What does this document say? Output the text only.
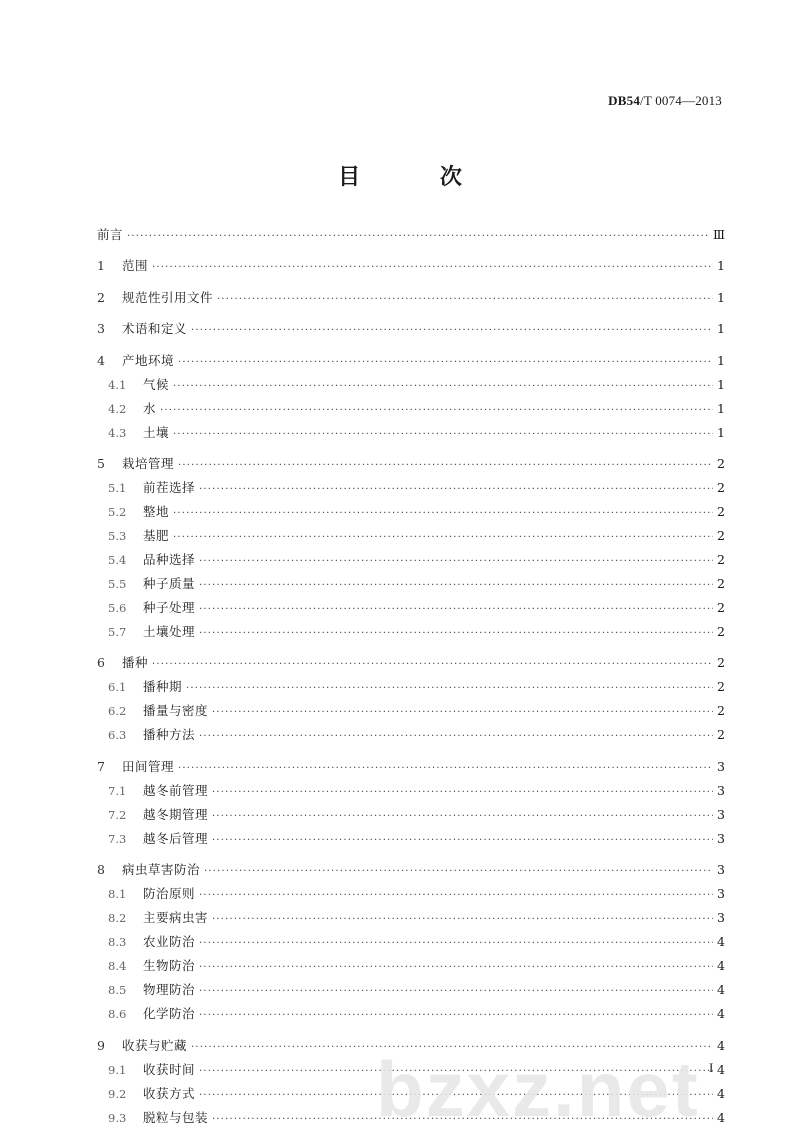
DB54/T 0074—2013
目 次
前言 ·····	Ⅲ
1	范围 ·····	1
2	规范性引用文件 ·····	1
3	术语和定义 ·····	1
4	产地环境 ·····	1
4.1	气候 ·····	1
4.2	水 ·····	1
4.3	土壤 ·····	1
5	栽培管理 ·····	2
5.1	前茬选择 ·····	2
5.2	整地 ·····	2
5.3	基肥 ·····	2
5.4	品种选择 ·····	2
5.5	种子质量 ·····	2
5.6	种子处理 ·····	2
5.7	土壤处理 ·····	2
6	播种 ·····	2
6.1	播种期 ·····	2
6.2	播量与密度 ·····	2
6.3	播种方法 ·····	2
7	田间管理 ·····	3
7.1	越冬前管理 ·····	3
7.2	越冬期管理 ·····	3
7.3	越冬后管理 ·····	3
8	病虫草害防治 ·····	3
8.1	防治原则 ·····	3
8.2	主要病虫害 ·····	3
8.3	农业防治 ·····	4
8.4	生物防治 ·····	4
8.5	物理防治 ·····	4
8.6	化学防治 ·····	4
9	收获与贮藏 ·····	4
9.1	收获时间 ·····	4
9.2	收获方式 ·····	4
9.3	脱粒与包装 ·····	4
I
bzxz.net
